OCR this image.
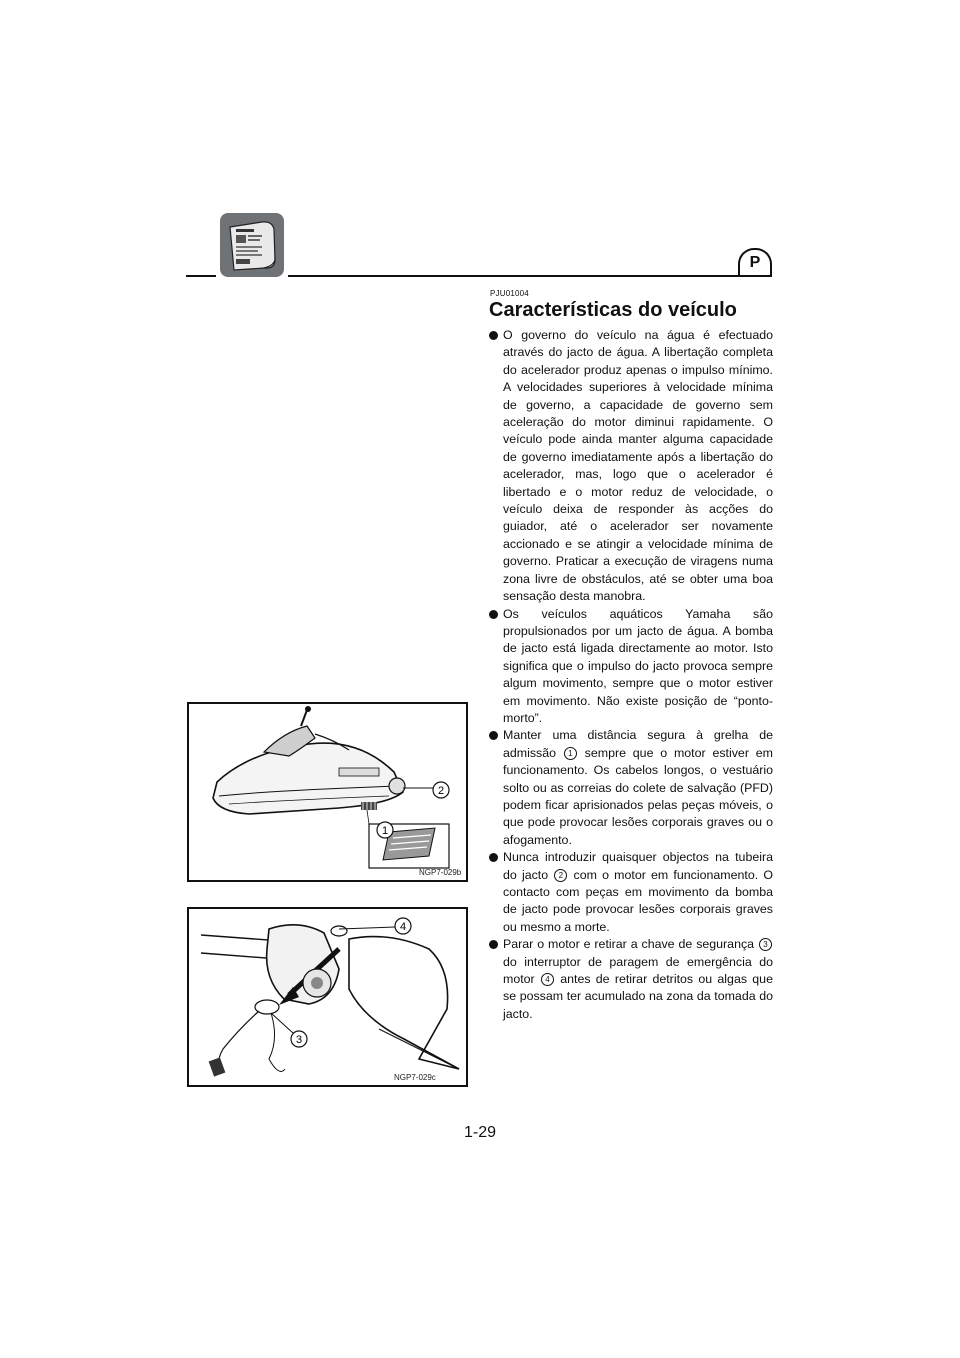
P
PJU01004
Características do veículo
O governo do veículo na água é efectuado através do jacto de água. A libertação completa do acelerador produz apenas o impulso mínimo. A velocidades superiores à velocidade mínima de governo, a capacidade de governo sem aceleração do motor diminui rapidamente. O veículo pode ainda manter alguma capacidade de governo imediatamente após a libertação do acelerador, mas, logo que o acelerador é libertado e o motor reduz de velocidade, o veículo deixa de responder às acções do guiador, até o acelerador ser novamente accionado e se atingir a velocidade mínima de governo. Praticar a execução de viragens numa zona livre de obstáculos, até se obter uma boa sensação desta manobra.
Os veículos aquáticos Yamaha são propulsionados por um jacto de água. A bomba de jacto está ligada directamente ao motor. Isto significa que o impulso do jacto provoca sempre algum movimento, sempre que o motor estiver em movimento. Não existe posição de “ponto-morto”.
Manter uma distância segura à grelha de admissão 1 sempre que o motor estiver em funcionamento. Os cabelos longos, o vestuário solto ou as correias do colete de salvação (PFD) podem ficar aprisionados pelas peças móveis, o que pode provocar lesões corporais graves ou o afogamento.
Nunca introduzir quaisquer objectos na tubeira do jacto 2 com o motor em funcionamento. O contacto com peças em movimento da bomba de jacto pode provocar lesões corporais graves ou mesmo a morte.
Parar o motor e retirar a chave de segurança 3 do interruptor de paragem de emergência do motor 4 antes de retirar detritos ou algas que se possam ter acumulado na zona da tomada do jacto.
2
1
NGP7-029b
3
4
NGP7-029c
1-29
